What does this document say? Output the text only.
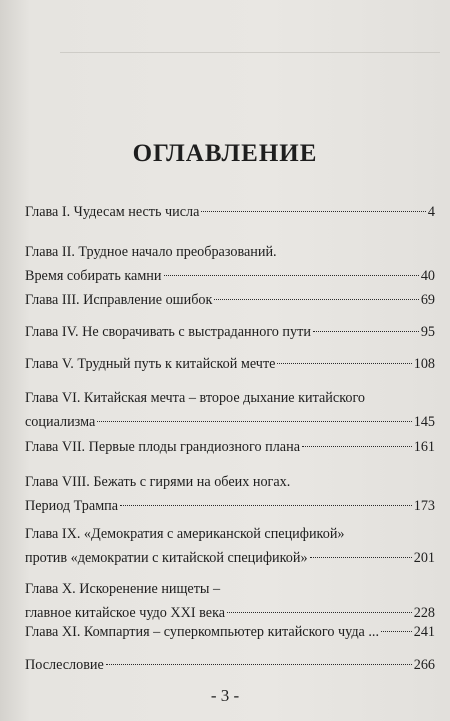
ОГЛАВЛЕНИЕ
Глава I. Чудесам несть числа	4
Глава II. Трудное начало преобразований.
Время собирать камни	40
Глава III. Исправление ошибок	69
Глава IV. Не сворачивать с выстраданного пути	95
Глава V. Трудный путь к китайской мечте	108
Глава VI. Китайская мечта – второе дыхание китайского
социализма	145
Глава VII. Первые плоды грандиозного плана	161
Глава VIII. Бежать с гирями на обеих ногах.
Период Трампа	173
Глава IX. «Демократия с американской спецификой»
против «демократии с китайской спецификой»	201
Глава X. Искоренение нищеты –
главное китайское чудо XXI века	228
Глава XI. Компартия – суперкомпьютер китайского чуда ... 241
Послесловие	266
- 3 -
